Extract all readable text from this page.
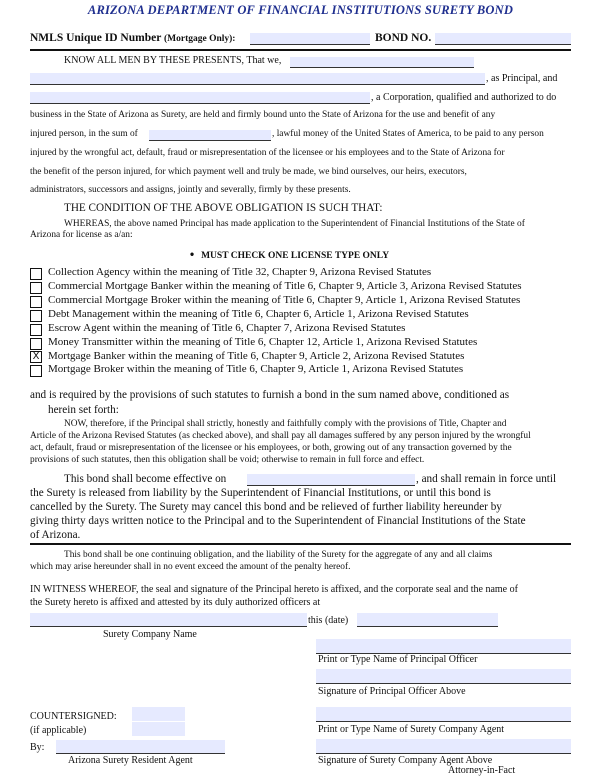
ARIZONA DEPARTMENT OF FINANCIAL INSTITUTIONS SURETY BOND
NMLS Unique ID Number (Mortgage Only):	BOND NO.
KNOW ALL MEN BY THESE PRESENTS, That we,
, as Principal, and
, a Corporation, qualified and authorized to do
business in the State of Arizona as Surety, are held and firmly bound unto the State of Arizona for the use and benefit of any
injured person, in the sum of	, lawful money of the United States of America, to be paid to any person
injured by the wrongful act, default, fraud or misrepresentation of the licensee or his employees and to the State of Arizona for
the benefit of the person injured, for which payment well and truly be made, we bind ourselves, our heirs, executors,
administrators, successors and assigns, jointly and severally, firmly by these presents.
THE CONDITION OF THE ABOVE OBLIGATION IS SUCH THAT:
WHEREAS, the above named Principal has made application to the Superintendent of Financial Institutions of the State of
Arizona for license as a/an:
• MUST CHECK ONE LICENSE TYPE ONLY
Collection Agency within the meaning of Title 32, Chapter 9, Arizona Revised Statutes
Commercial Mortgage Banker within the meaning of Title 6, Chapter 9, Article 3, Arizona Revised Statutes
Commercial Mortgage Broker within the meaning of Title 6, Chapter 9, Article 1, Arizona Revised Statutes
Debt Management within the meaning of Title 6, Chapter 6, Article 1, Arizona Revised Statutes
Escrow Agent within the meaning of Title 6, Chapter 7, Arizona Revised Statutes
Money Transmitter within the meaning of Title 6, Chapter 12, Article 1, Arizona Revised Statutes
X Mortgage Banker within the meaning of Title 6, Chapter 9, Article 2, Arizona Revised Statutes
Mortgage Broker within the meaning of Title 6, Chapter 9, Article 1, Arizona Revised Statutes
and is required by the provisions of such statutes to furnish a bond in the sum named above, conditioned as
herein set forth:
NOW, therefore, if the Principal shall strictly, honestly and faithfully comply with the provisions of Title, Chapter and
Article of the Arizona Revised Statutes (as checked above), and shall pay all damages suffered by any person injured by the wrongful
act, default, fraud or misrepresentation of the licensee or his employees, or both, growing out of any transaction governed by the
provisions of such statutes, then this obligation shall be void; otherwise to remain in full force and effect.
This bond shall become effective on	, and shall remain in force until
the Surety is released from liability by the Superintendent of Financial Institutions, or until this bond is
cancelled by the Surety. The Surety may cancel this bond and be relieved of further liability hereunder by
giving thirty days written notice to the Principal and to the Superintendent of Financial Institutions of the State
of Arizona.
This bond shall be one continuing obligation, and the liability of the Surety for the aggregate of any and all claims
which may arise hereunder shall in no event exceed the amount of the penalty hereof.
IN WITNESS WHEREOF, the seal and signature of the Principal hereto is affixed, and the corporate seal and the name of
the Surety hereto is affixed and attested by its duly authorized officers at
this (date)
Surety Company Name
Print or Type Name of Principal Officer
Signature of Principal Officer Above
COUNTERSIGNED:
(if applicable)	Print or Type Name of Surety Company Agent
By:
Arizona Surety Resident Agent	Signature of Surety Company Agent Above
Attorney-in-Fact
